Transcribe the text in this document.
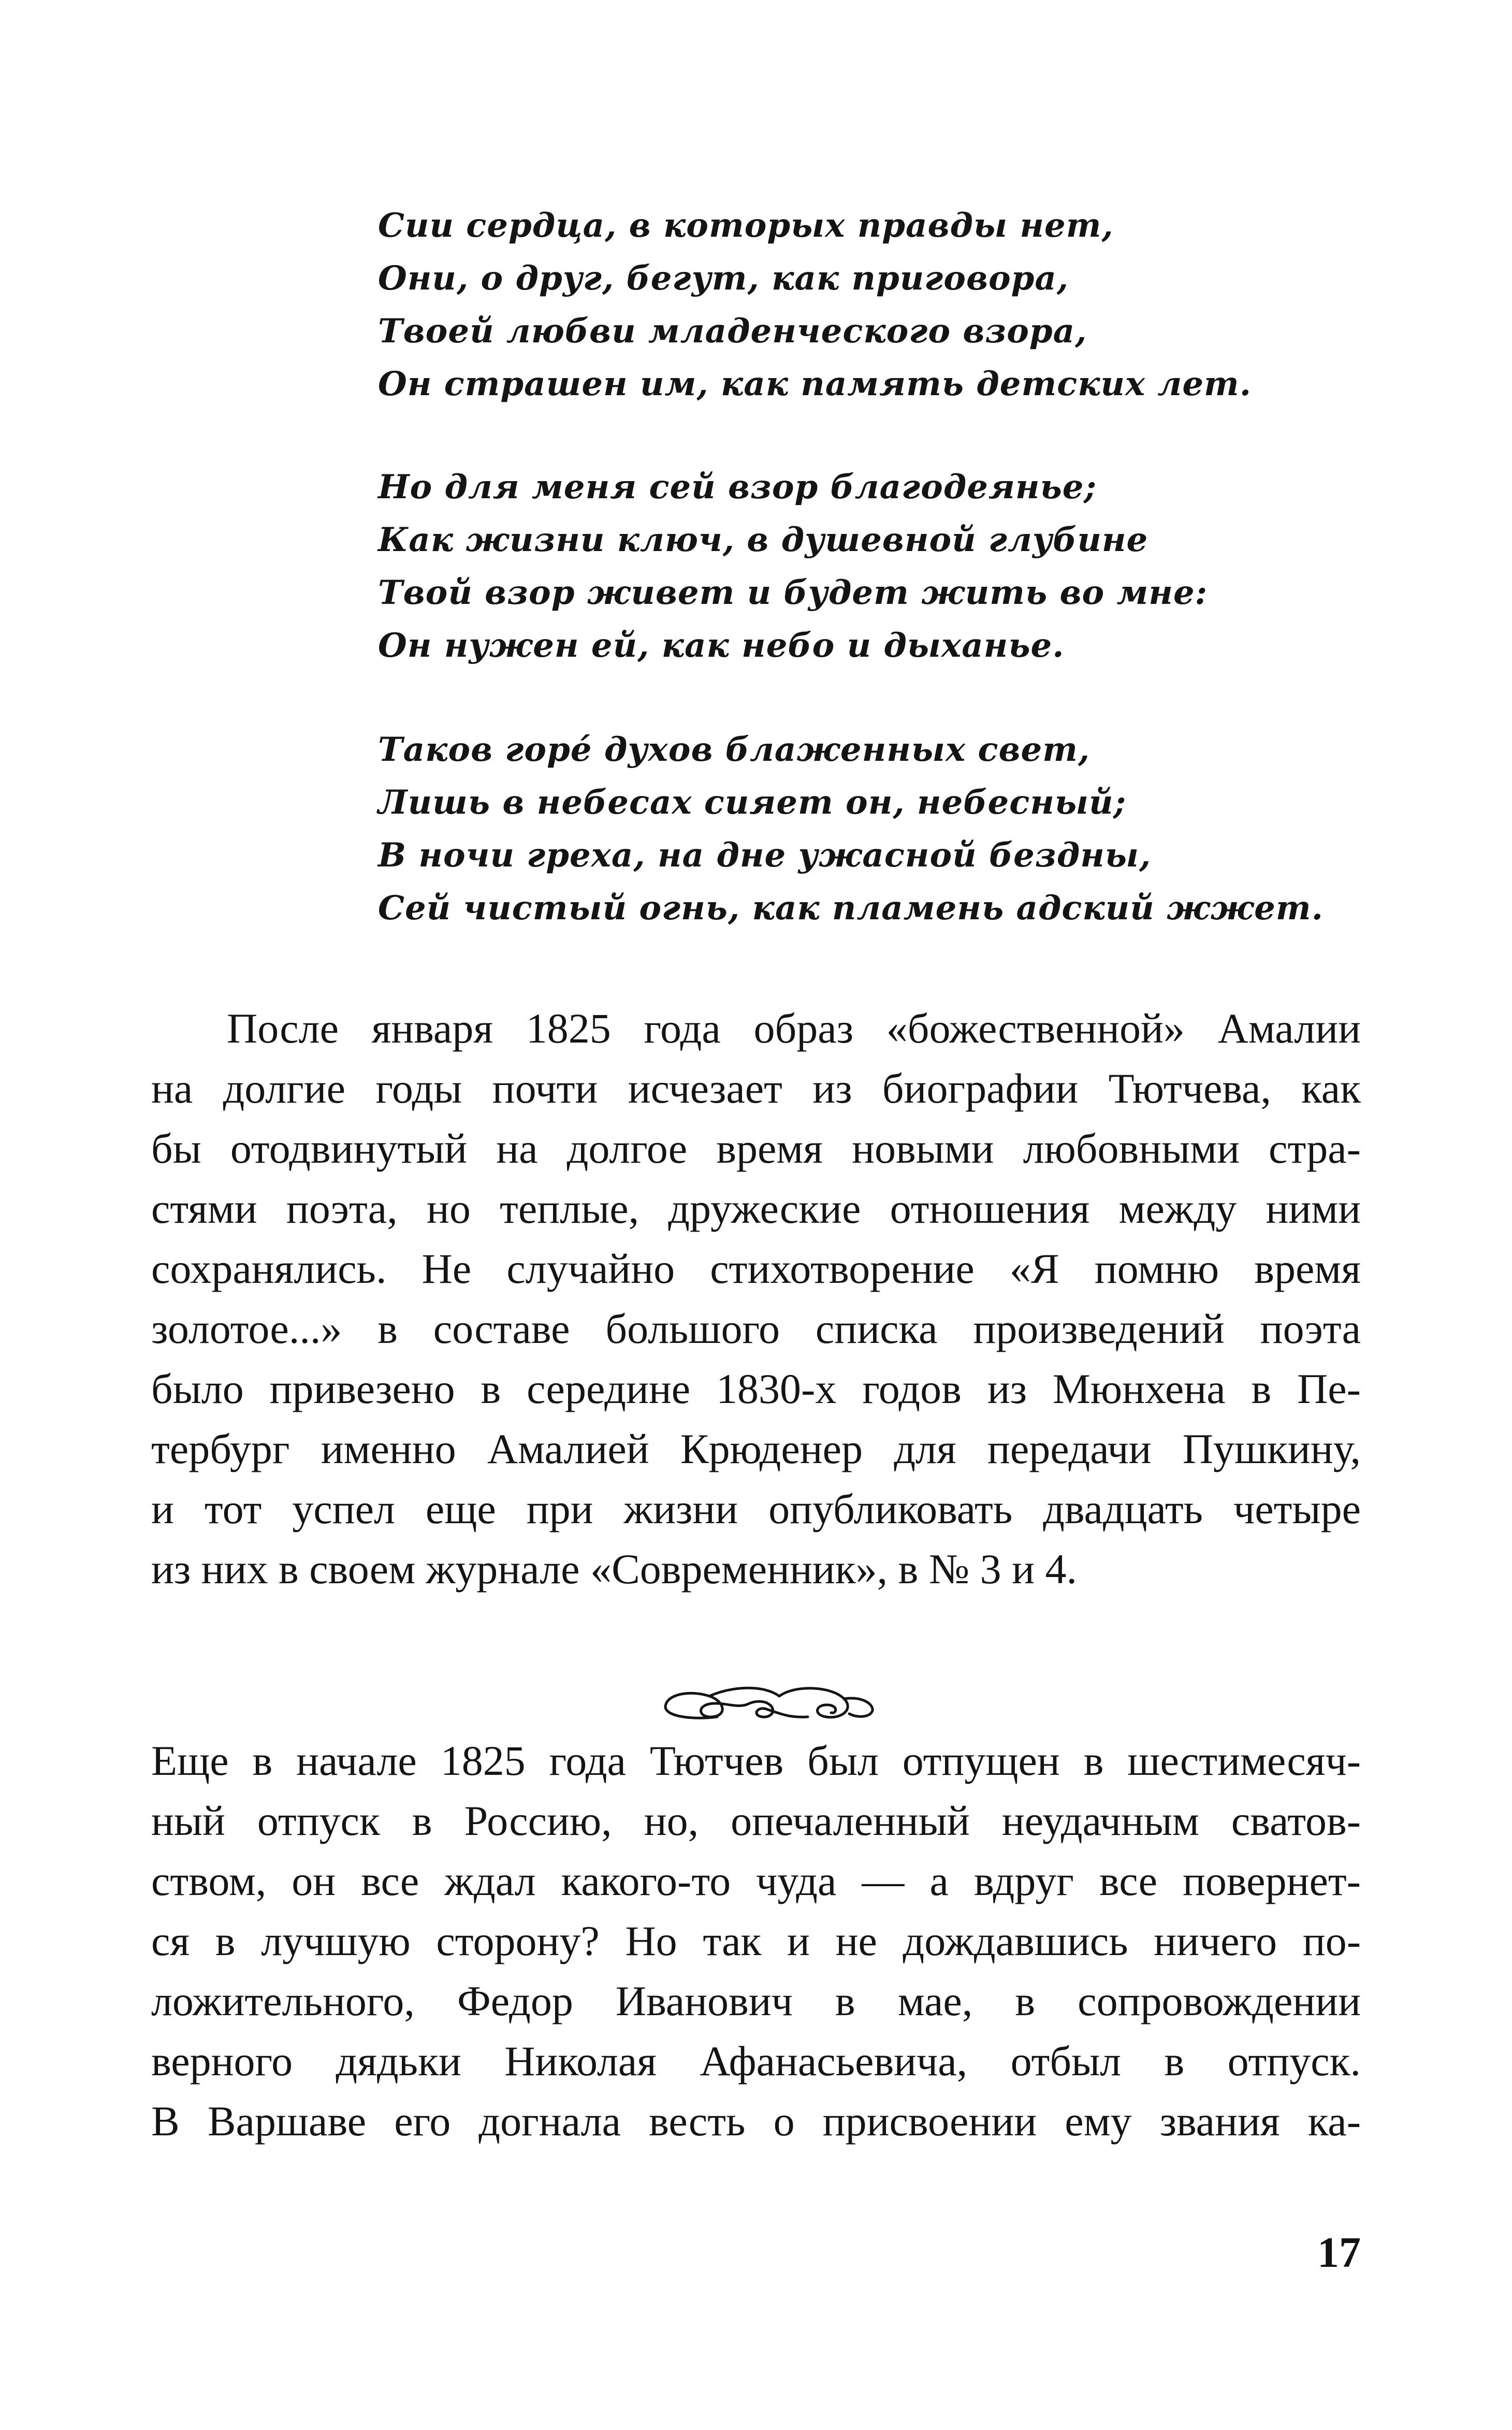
Сии сердца, в которых правды нет,
Они, о друг, бегут, как приговора,
Твоей любви младенческого взора,
Он страшен им, как память детских лет.
Но для меня сей взор благодеянье;
Как жизни ключ, в душевной глубине
Твой взор живет и будет жить во мне:
Он нужен ей, как небо и дыханье.
Таков горé духов блаженных свет,
Лишь в небесах сияет он, небесный;
В ночи греха, на дне ужасной бездны,
Сей чистый огнь, как пламень адский жжет.
После января 1825 года образ «божественной» Амалии
на долгие годы почти исчезает из биографии Тютчева, как
бы отодвинутый на долгое время новыми любовными стра-
стями поэта, но теплые, дружеские отношения между ними
сохранялись. Не случайно стихотворение «Я помню время
золотое...» в составе большого списка произведений поэта
было привезено в середине 1830-х годов из Мюнхена в Пе-
тербург именно Амалией Крюденер для передачи Пушкину,
и тот успел еще при жизни опубликовать двадцать четыре
из них в своем журнале «Современник», в № 3 и 4.
Еще в начале 1825 года Тютчев был отпущен в шестимесяч-
ный отпуск в Россию, но, опечаленный неудачным сватов-
ством, он все ждал какого-то чуда — а вдруг все повернет-
ся в лучшую сторону? Но так и не дождавшись ничего по-
ложительного, Федор Иванович в мае, в сопровождении
верного дядьки Николая Афанасьевича, отбыл в отпуск.
В Варшаве его догнала весть о присвоении ему звания ка-
17
